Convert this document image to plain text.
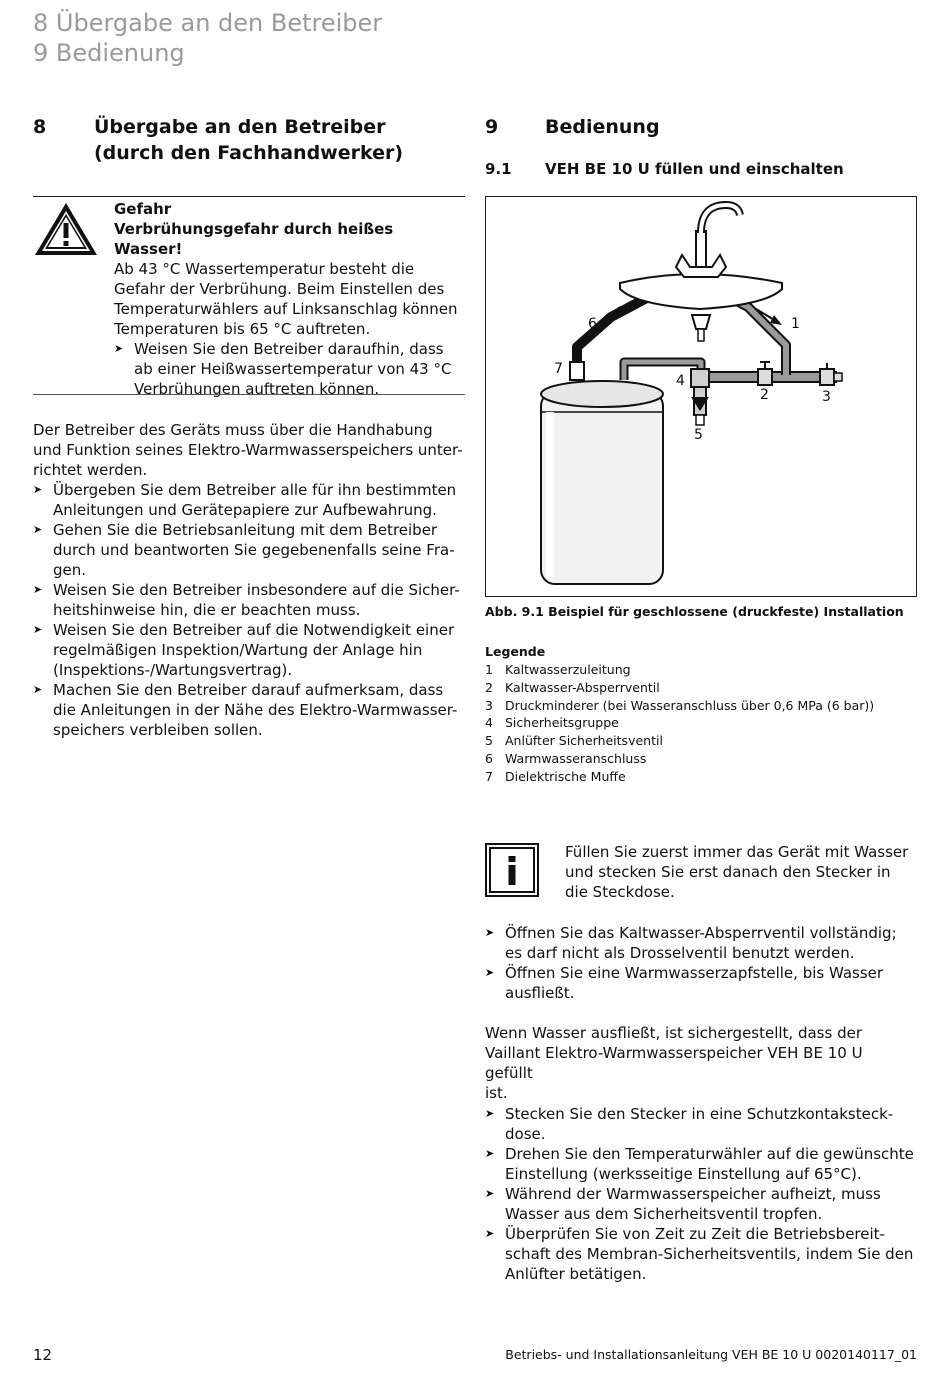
8 Übergabe an den Betreiber
9 Bedienung
8	Übergabe an den Betreiber
(durch den Fachhandwerker)
Gefahr
Verbrühungsgefahr durch heißes Wasser!
Ab 43 °C Wassertemperatur besteht die
Gefahr der Verbrühung. Beim Einstellen des
Temperaturwählers auf Linksanschlag können
Temperaturen bis 65 °C auftreten.
➤ Weisen Sie den Betreiber daraufhin, dass
ab einer Heißwassertemperatur von 43 °C
Verbrühungen auftreten können.
Der Betreiber des Geräts muss über die Handhabung
und Funktion seines Elektro-Warmwasserspeichers unter-
richtet werden.
➤ Übergeben Sie dem Betreiber alle für ihn bestimmten
Anleitungen und Gerätepapiere zur Aufbewahrung.
➤ Gehen Sie die Betriebsanleitung mit dem Betreiber
durch und beantworten Sie gegebenenfalls seine Fra-
gen.
➤ Weisen Sie den Betreiber insbesondere auf die Sicher-
heitshinweise hin, die er beachten muss.
➤ Weisen Sie den Betreiber auf die Notwendigkeit einer
regelmäßigen Inspektion/Wartung der Anlage hin
(Inspektions-/Wartungsvertrag).
➤ Machen Sie den Betreiber darauf aufmerksam, dass
die Anleitungen in der Nähe des Elektro-Warmwasser-
speichers verbleiben sollen.
9 Bedienung
9.1 VEH BE 10 U füllen und einschalten
1
2	3
4
5
6
7
Abb. 9.1 Beispiel für geschlossene (druckfeste) Installation
Legende
1 Kaltwasserzuleitung
2 Kaltwasser-Absperrventil
3 Druckminderer (bei Wasseranschluss über 0,6 MPa (6 bar))
4 Sicherheitsgruppe
5 Anlüfter Sicherheitsventil
6 Warmwasseranschluss
7 Dielektrische Muffe
Füllen Sie zuerst immer das Gerät mit Wasser
und stecken Sie erst danach den Stecker in
die Steckdose.
➤ Öffnen Sie das Kaltwasser-Absperrventil vollständig;
es darf nicht als Drosselventil benutzt werden.
➤ Öffnen Sie eine Warmwasserzapfstelle, bis Wasser
ausfließt.
Wenn Wasser ausfließt, ist sichergestellt, dass der
Vaillant Elektro-Warmwasserspeicher VEH BE 10 U gefüllt
ist.
➤ Stecken Sie den Stecker in eine Schutzkontaksteck-
dose.
➤ Drehen Sie den Temperaturwähler auf die gewünschte
Einstellung (werksseitige Einstellung auf 65°C).
➤ Während der Warmwasserspeicher aufheizt, muss
Wasser aus dem Sicherheitsventil tropfen.
➤ Überprüfen Sie von Zeit zu Zeit die Betriebsbereit-
schaft des Membran-Sicherheitsventils, indem Sie den
Anlüfter betätigen.
12	Betriebs- und Installationsanleitung VEH BE 10 U 0020140117_01
